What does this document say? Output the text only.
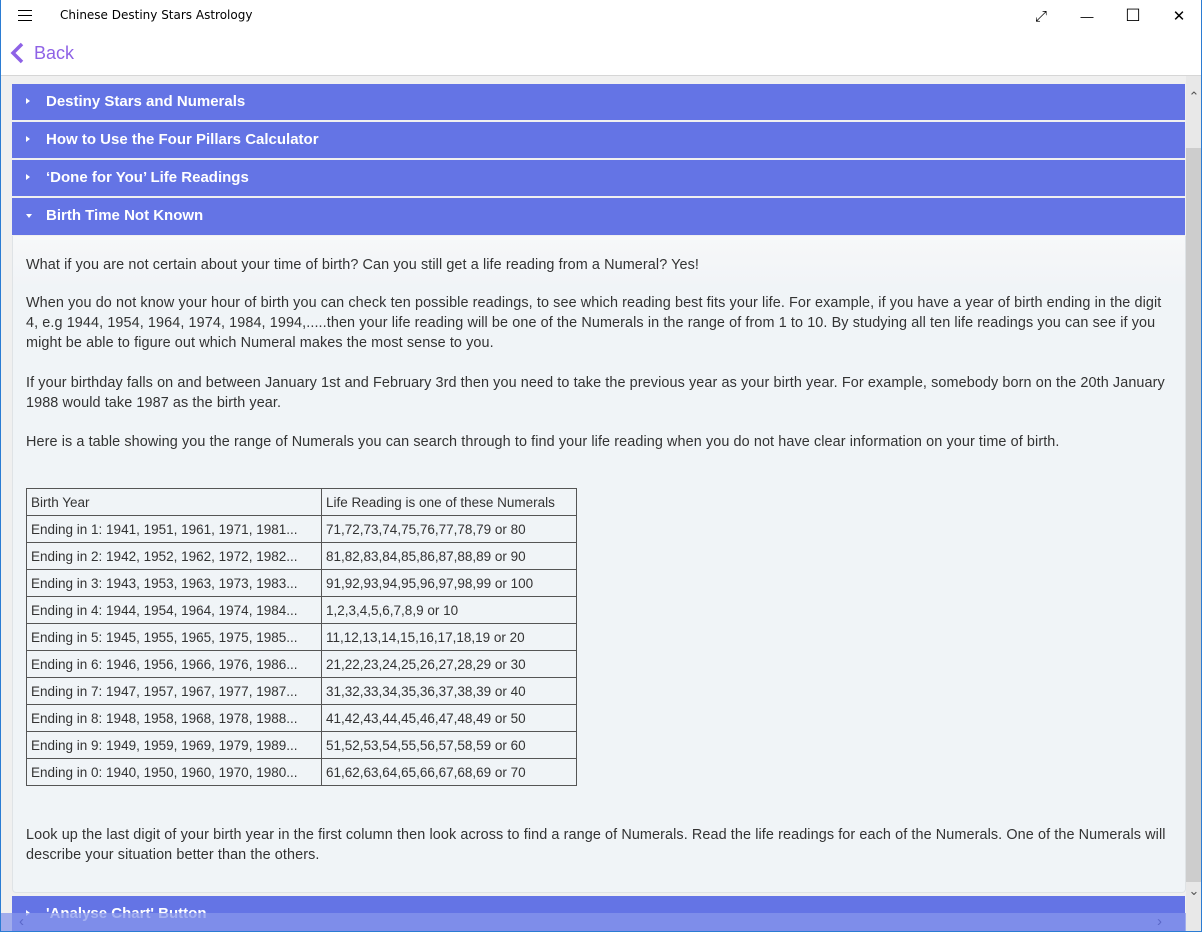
Chinese Destiny Stars Astrology	⤢	—	☐	✕
Back
Destiny Stars and Numerals
How to Use the Four Pillars Calculator
‘Done for You’ Life Readings
Birth Time Not Known
What if you are not certain about your time of birth? Can you still get a life reading from a Numeral? Yes!
When you do not know your hour of birth you can check ten possible readings, to see which reading best fits your life. For example, if you have a year of birth ending in the digit 4, e.g 1944, 1954, 1964, 1974, 1984, 1994,.....then your life reading will be one of the Numerals in the range of from 1 to 10. By studying all ten life readings you can see if you might be able to figure out which Numeral makes the most sense to you.
If your birthday falls on and between January 1st and February 3rd then you need to take the previous year as your birth year. For example, somebody born on the 20th January 1988 would take 1987 as the birth year.
Here is a table showing you the range of Numerals you can search through to find your life reading when you do not have clear information on your time of birth.
Birth Year	Life Reading is one of these Numerals
Ending in 1: 1941, 1951, 1961, 1971, 1981...	71,72,73,74,75,76,77,78,79 or 80
Ending in 2: 1942, 1952, 1962, 1972, 1982...	81,82,83,84,85,86,87,88,89 or 90
Ending in 3: 1943, 1953, 1963, 1973, 1983...	91,92,93,94,95,96,97,98,99 or 100
Ending in 4: 1944, 1954, 1964, 1974, 1984...	1,2,3,4,5,6,7,8,9 or 10
Ending in 5: 1945, 1955, 1965, 1975, 1985...	11,12,13,14,15,16,17,18,19 or 20
Ending in 6: 1946, 1956, 1966, 1976, 1986...	21,22,23,24,25,26,27,28,29 or 30
Ending in 7: 1947, 1957, 1967, 1977, 1987...	31,32,33,34,35,36,37,38,39 or 40
Ending in 8: 1948, 1958, 1968, 1978, 1988...	41,42,43,44,45,46,47,48,49 or 50
Ending in 9: 1949, 1959, 1969, 1979, 1989...	51,52,53,54,55,56,57,58,59 or 60
Ending in 0: 1940, 1950, 1960, 1970, 1980...	61,62,63,64,65,66,67,68,69 or 70
Look up the last digit of your birth year in the first column then look across to find a range of Numerals. Read the life readings for each of the Numerals. One of the Numerals will describe your situation better than the others.
‹	›
⌃
⌄
